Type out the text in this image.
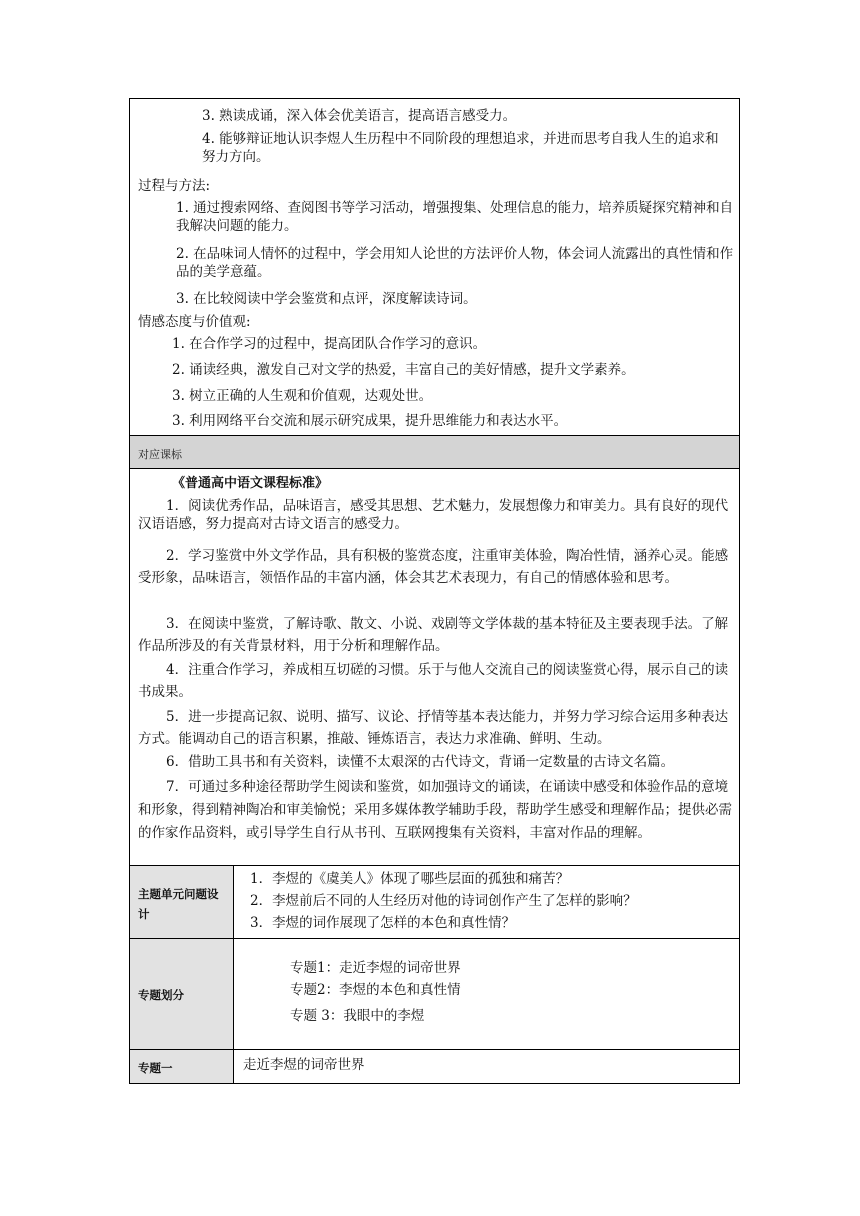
3. 熟读成诵，深入体会优美语言，提高语言感受力。
4. 能够辩证地认识李煜人生历程中不同阶段的理想追求，并进而思考自我人生的追求和努力方向。
过程与方法:
1. 通过搜索网络、查阅图书等学习活动，增强搜集、处理信息的能力，培养质疑探究精神和自我解决问题的能力。
2. 在品味词人情怀的过程中，学会用知人论世的方法评价人物，体会词人流露出的真性情和作品的美学意蕴。
3. 在比较阅读中学会鉴赏和点评，深度解读诗词。
情感态度与价值观:
1. 在合作学习的过程中，提高团队合作学习的意识。
2. 诵读经典，激发自己对文学的热爱，丰富自己的美好情感，提升文学素养。
3. 树立正确的人生观和价值观，达观处世。
3. 利用网络平台交流和展示研究成果，提升思维能力和表达水平。
对应课标
《普通高中语文课程标准》
1．阅读优秀作品，品味语言，感受其思想、艺术魅力，发展想像力和审美力。具有良好的现代汉语语感，努力提高对古诗文语言的感受力。
2．学习鉴赏中外文学作品，具有积极的鉴赏态度，注重审美体验，陶冶性情，涵养心灵。能感受形象，品味语言，领悟作品的丰富内涵，体会其艺术表现力，有自己的情感体验和思考。
3．在阅读中鉴赏，了解诗歌、散文、小说、戏剧等文学体裁的基本特征及主要表现手法。了解作品所涉及的有关背景材料，用于分析和理解作品。
4．注重合作学习，养成相互切磋的习惯。乐于与他人交流自己的阅读鉴赏心得，展示自己的读书成果。
5．进一步提高记叙、说明、描写、议论、抒情等基本表达能力，并努力学习综合运用多种表达方式。能调动自己的语言积累，推敲、锤炼语言，表达力求准确、鲜明、生动。
6．借助工具书和有关资料，读懂不太艰深的古代诗文，背诵一定数量的古诗文名篇。
7．可通过多种途径帮助学生阅读和鉴赏，如加强诗文的诵读，在诵读中感受和体验作品的意境和形象，得到精神陶冶和审美愉悦；采用多媒体教学辅助手段，帮助学生感受和理解作品；提供必需的作家作品资料，或引导学生自行从书刊、互联网搜集有关资料，丰富对作品的理解。
主题单元问题设计
1．李煜的《虞美人》体现了哪些层面的孤独和痛苦？
2．李煜前后不同的人生经历对他的诗词创作产生了怎样的影响？
3．李煜的词作展现了怎样的本色和真性情？
专题划分
专题1：走近李煜的词帝世界
专题2：李煜的本色和真性情
专题 3：我眼中的李煜
专题一	走近李煜的词帝世界
